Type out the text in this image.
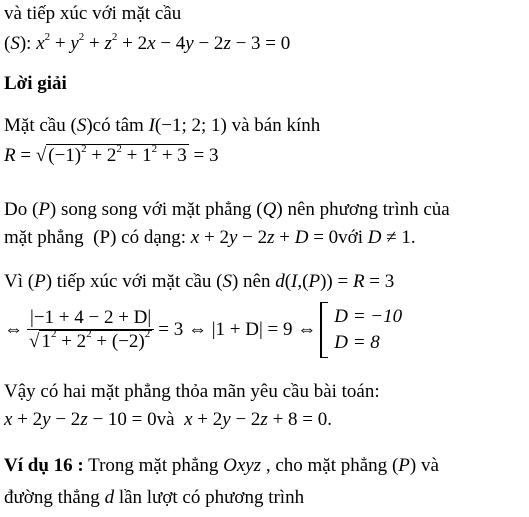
và tiếp xúc với mặt cầu
(S): $x^2 + y^2 + z^2 + 2x - 4y - 2z - 3 = 0$
Lời giải
Mặt cầu (S)có tâm I(−1; 2; 1) và bán kính
R = √ $(-1)^2 + 2^2 + 1^2 + 3 = 3$
Do (P) song song với mặt phẳng (Q) nên phương trình của
mặt phẳng  (P) có dạng: x + 2y − 2z + D = 0với D ≠ 1.
Vì (P) tiếp xúc với mặt cầu (S) nên d(I,(P)) = R = 3
⇔ $\frac{|-1 + 4 - 2 + D|}{√ 1^2 + 2^2 + (-2)^2} = 3$ ⇔ |1 + D| = 9 ⇔
D = −10
D = 8
Vậy có hai mặt phẳng thỏa mãn yêu cầu bài toán:
x + 2y − 2z − 10 = 0và  x + 2y − 2z + 8 = 0.
Ví dụ 16 : Trong mặt phẳng Oxyz , cho mặt phẳng (P) và
đường thẳng d lần lượt có phương trình
